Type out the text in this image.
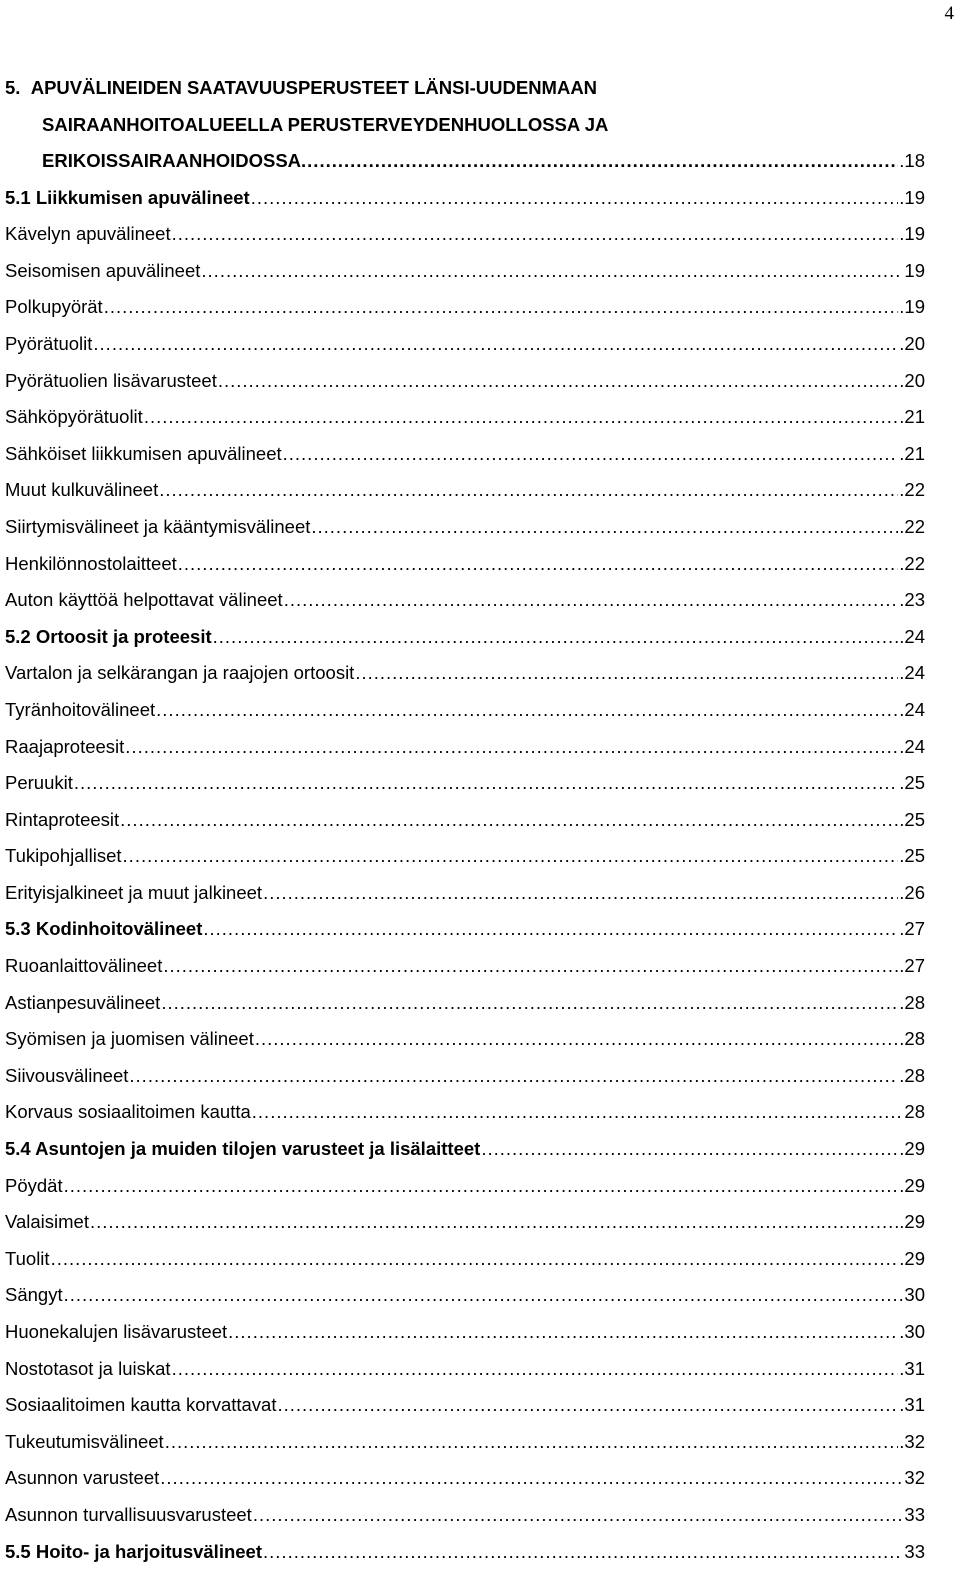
4
5. APUVÄLINEIDEN SAATAVUUSPERUSTEET LÄNSI-UUDENMAAN
SAIRAANHOITOALUEELLA PERUSTERVEYDENHUOLLOSSA JA
ERIKOISSAIRAANHOIDOSSA. .....	.18
5.1 Liikkumisen apuvälineet .....	.19
Kävelyn apuvälineet .....	.19
Seisomisen apuvälineet .....	19
Polkupyörät .....	.19
Pyörätuolit .....	.20
Pyörätuolien lisävarusteet .....	.20
Sähköpyörätuolit .....	.21
Sähköiset liikkumisen apuvälineet .....	.21
Muut kulkuvälineet .....	.22
Siirtymisvälineet ja kääntymisvälineet .....	.22
Henkilönnostolaitteet .....	.22
Auton käyttöä helpottavat välineet .....	.23
5.2 Ortoosit ja proteesit .....	.24
Vartalon ja selkärangan ja raajojen ortoosit .....	.24
Tyränhoitovälineet .....	.24
Raajaproteesit .....	.24
Peruukit .....	.25
Rintaproteesit .....	.25
Tukipohjalliset .....	.25
Erityisjalkineet ja muut jalkineet .....	.26
5.3 Kodinhoitovälineet .....	.27
Ruoanlaittovälineet .....	.27
Astianpesuvälineet .....	.28
Syömisen ja juomisen välineet .....	.28
Siivousvälineet .....	.28
Korvaus sosiaalitoimen kautta .....	28
5.4 Asuntojen ja muiden tilojen varusteet ja lisälaitteet .....	.29
Pöydät .....	.29
Valaisimet .....	.29
Tuolit .....	.29
Sängyt .....	30
Huonekalujen lisävarusteet .....	.30
Nostotasot ja luiskat .....	.31
Sosiaalitoimen kautta korvattavat .....	.31
Tukeutumisvälineet .....	.32
Asunnon varusteet .....	32
Asunnon turvallisuusvarusteet .....	33
5.5 Hoito- ja harjoitusvälineet .....	33
